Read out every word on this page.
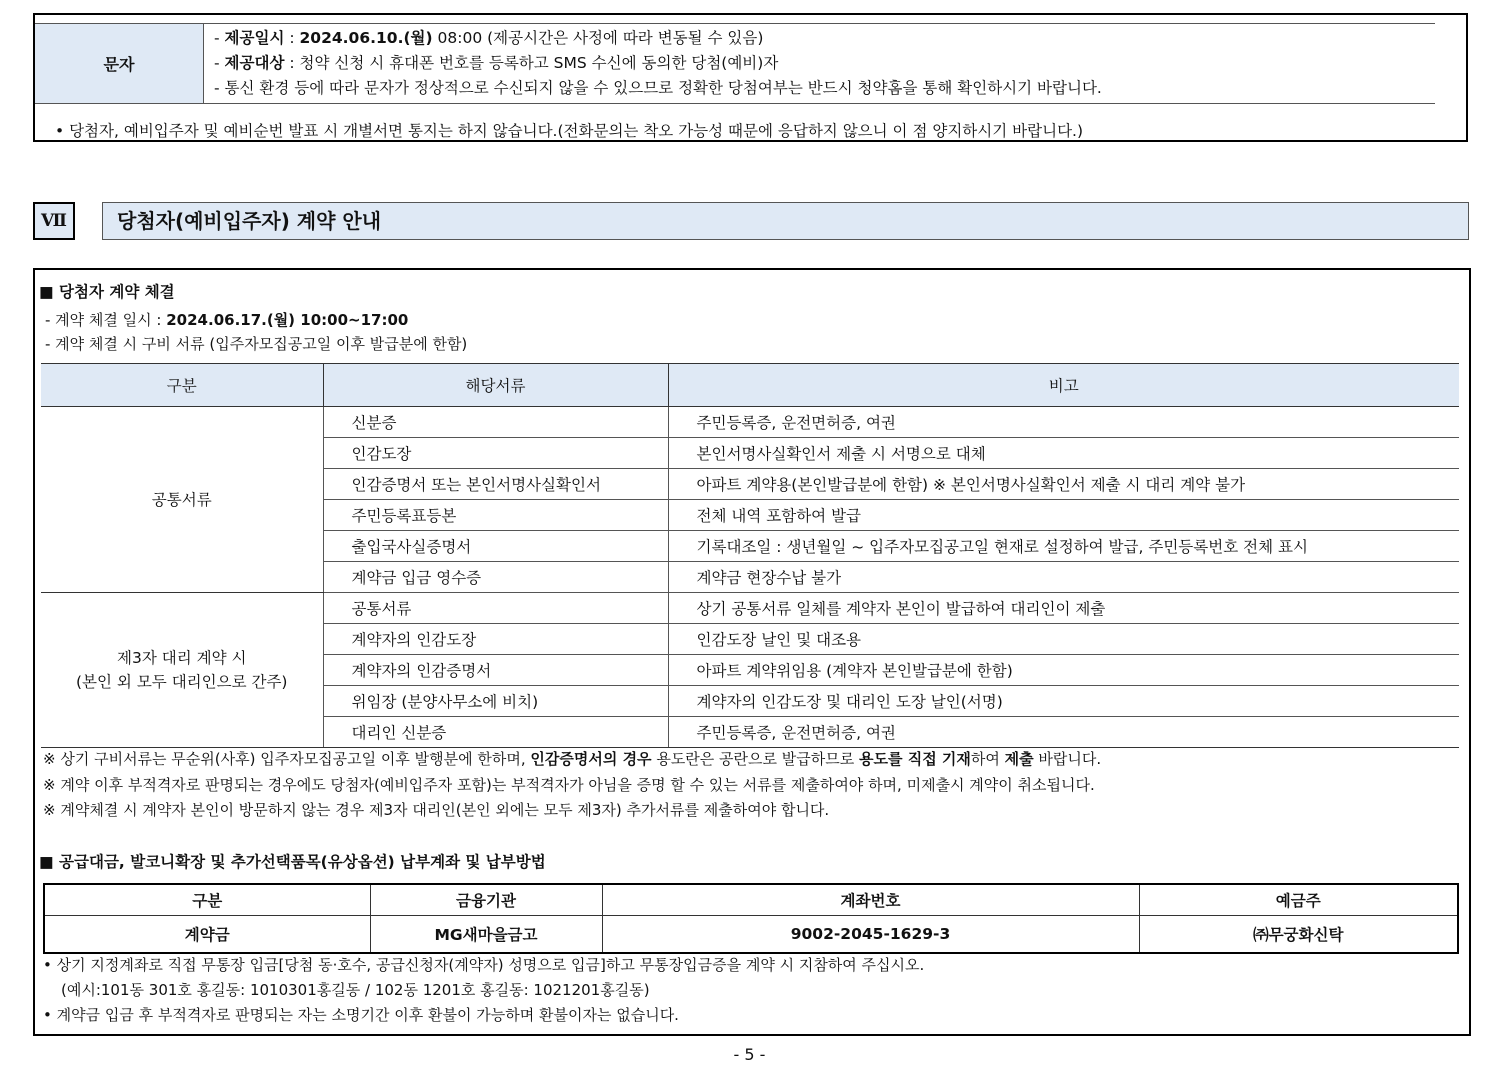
문자	
- 제공일시 : 2024.06.10.(월) 08:00 (제공시간은 사정에 따라 변동될 수 있음)
- 제공대상 : 청약 신청 시 휴대폰 번호를 등록하고 SMS 수신에 동의한 당첨(예비)자
- 통신 환경 등에 따라 문자가 정상적으로 수신되지 않을 수 있으므로 정확한 당첨여부는 반드시 청약홈을 통해 확인하시기 바랍니다.
• 당첨자, 예비입주자 및 예비순번 발표 시 개별서면 통지는 하지 않습니다.(전화문의는 착오 가능성 때문에 응답하지 않으니 이 점 양지하시기 바랍니다.)
Ⅶ	당첨자(예비입주자) 계약 안내
■ 당첨자 계약 체결
- 계약 체결 일시 : 2024.06.17.(월) 10:00~17:00
- 계약 체결 시 구비 서류 (입주자모집공고일 이후 발급분에 한함)
구분	해당서류	비고
공통서류	신분증	주민등록증, 운전면허증, 여권
	인감도장	본인서명사실확인서 제출 시 서명으로 대체
	인감증명서 또는 본인서명사실확인서	아파트 계약용(본인발급분에 한함) ※ 본인서명사실확인서 제출 시 대리 계약 불가
	주민등록표등본	전체 내역 포함하여 발급
	출입국사실증명서	기록대조일 : 생년월일 ~ 입주자모집공고일 현재로 설정하여 발급, 주민등록번호 전체 표시
	계약금 입금 영수증	계약금 현장수납 불가

제3자 대리 계약 시
(본인 외 모두 대리인으로 간주)	공통서류	상기 공통서류 일체를 계약자 본인이 발급하여 대리인이 제출
	계약자의 인감도장	인감도장 날인 및 대조용
	계약자의 인감증명서	아파트 계약위임용 (계약자 본인발급분에 한함)
	위임장 (분양사무소에 비치)	계약자의 인감도장 및 대리인 도장 날인(서명)
	대리인 신분증	주민등록증, 운전면허증, 여권
※ 상기 구비서류는 무순위(사후) 입주자모집공고일 이후 발행분에 한하며, 인감증명서의 경우 용도란은 공란으로 발급하므로 용도를 직접 기재하여 제출 바랍니다.
※ 계약 이후 부적격자로 판명되는 경우에도 당첨자(예비입주자 포함)는 부적격자가 아님을 증명 할 수 있는 서류를 제출하여야 하며, 미제출시 계약이 취소됩니다.
※ 계약체결 시 계약자 본인이 방문하지 않는 경우 제3자 대리인(본인 외에는 모두 제3자) 추가서류를 제출하여야 합니다.
■ 공급대금, 발코니확장 및 추가선택품목(유상옵션) 납부계좌 및 납부방법
구분	금융기관	계좌번호	예금주
계약금	MG새마을금고	9002-2045-1629-3	㈜무궁화신탁
• 상기 지정계좌로 직접 무통장 입금[당첨 동·호수, 공급신청자(계약자) 성명으로 입금]하고 무통장입금증을 계약 시 지참하여 주십시오.
(예시:101동 301호 홍길동: 1010301홍길동 / 102동 1201호 홍길동: 1021201홍길동)
• 계약금 입금 후 부적격자로 판명되는 자는 소명기간 이후 환불이 가능하며 환불이자는 없습니다.
- 5 -
